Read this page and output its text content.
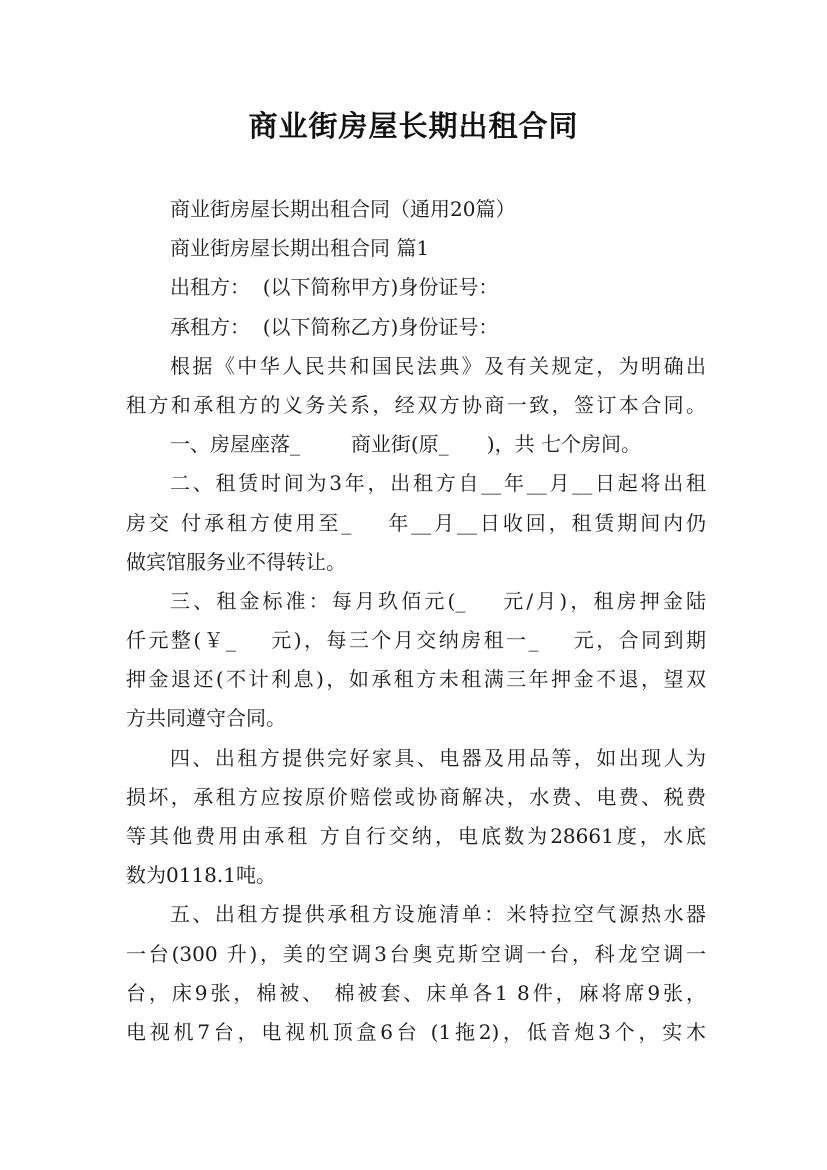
商业街房屋长期出租合同
商业街房屋长期出租合同（通用20篇）
商业街房屋长期出租合同 篇1
出租方：  (以下简称甲方)身份证号：
承租方：  (以下简称乙方)身份证号：
根据《中华人民共和国民法典》及有关规定，为明确出
租方和承租方的义务关系，经双方协商一致，签订本合同。
一、房屋座落_        商业街(原_      )，共 七个房间。
二、租赁时间为3年，出租方自__年__月__日起将出租
房交 付承租方使用至_    年__月__日收回，租赁期间内仍
做宾馆服务业不得转让。
三、租金标准：每月玖佰元(_    元/月)，租房押金陆
仟元整(￥_    元)，每三个月交纳房租一_    元，合同到期
押金退还(不计利息)，如承租方未租满三年押金不退，望双
方共同遵守合同。
四、出租方提供完好家具、电器及用品等，如出现人为
损坏，承租方应按原价赔偿或协商解决，水费、电费、税费
等其他费用由承租 方自行交纳，电底数为28661度，水底
数为0118.1吨。
五、出租方提供承租方设施清单：米特拉空气源热水器
一台(300 升)，美的空调3台奥克斯空调一台，科龙空调一
台，床9张，棉被、 棉被套、床单各1 8件，麻将席9张，
电视机7台，电视机顶盒6台 (1拖2)，低音炮3个，实木
